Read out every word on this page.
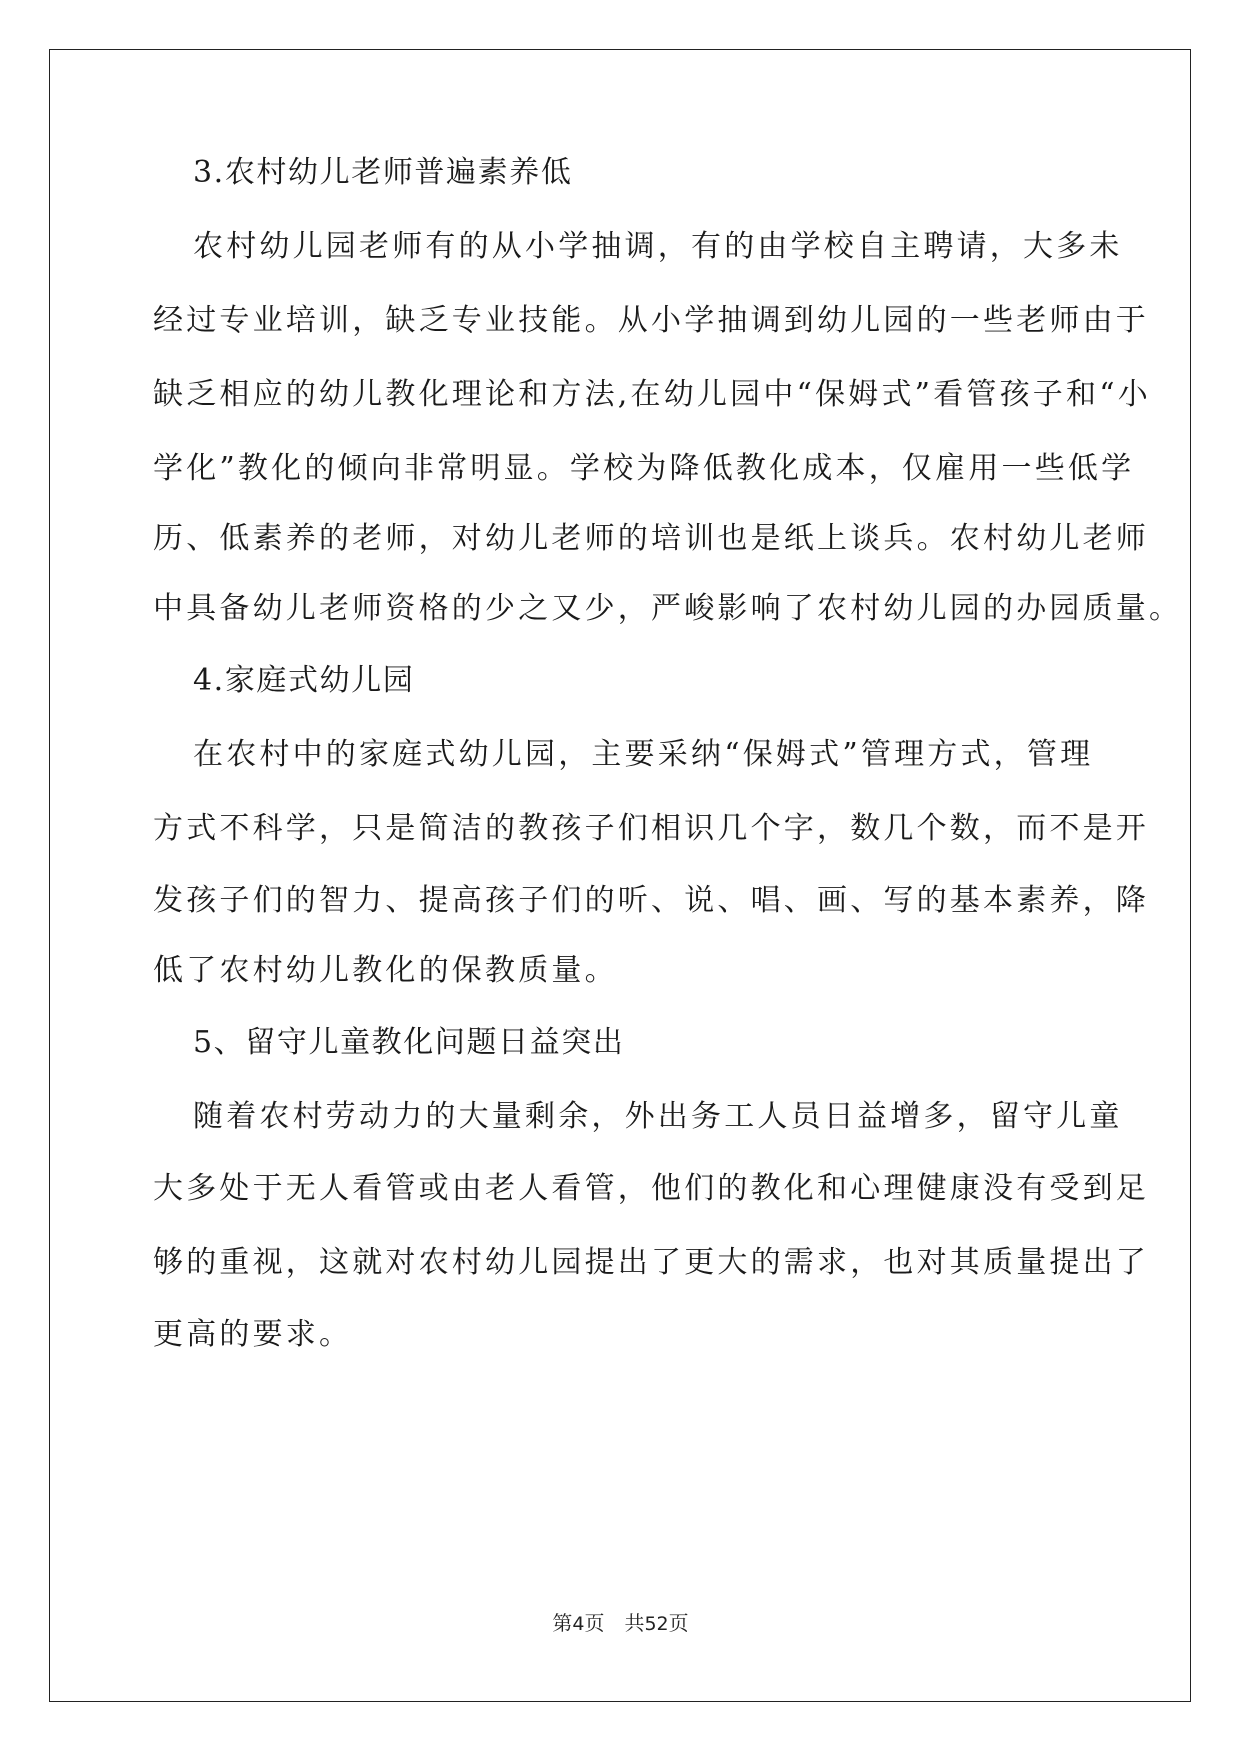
3.农村幼儿老师普遍素养低
农村幼儿园老师有的从小学抽调，有的由学校自主聘请，大多未
经过专业培训，缺乏专业技能。从小学抽调到幼儿园的一些老师由于
缺乏相应的幼儿教化理论和方法,在幼儿园中“保姆式”看管孩子和“小
学化”教化的倾向非常明显。学校为降低教化成本，仅雇用一些低学
历、低素养的老师，对幼儿老师的培训也是纸上谈兵。农村幼儿老师
中具备幼儿老师资格的少之又少，严峻影响了农村幼儿园的办园质量。
4.家庭式幼儿园
在农村中的家庭式幼儿园，主要采纳“保姆式”管理方式，管理
方式不科学，只是简洁的教孩子们相识几个字，数几个数，而不是开
发孩子们的智力、提高孩子们的听、说、唱、画、写的基本素养，降
低了农村幼儿教化的保教质量。
5、留守儿童教化问题日益突出
随着农村劳动力的大量剩余，外出务工人员日益增多，留守儿童
大多处于无人看管或由老人看管，他们的教化和心理健康没有受到足
够的重视，这就对农村幼儿园提出了更大的需求，也对其质量提出了
更高的要求。
第4页　共52页
